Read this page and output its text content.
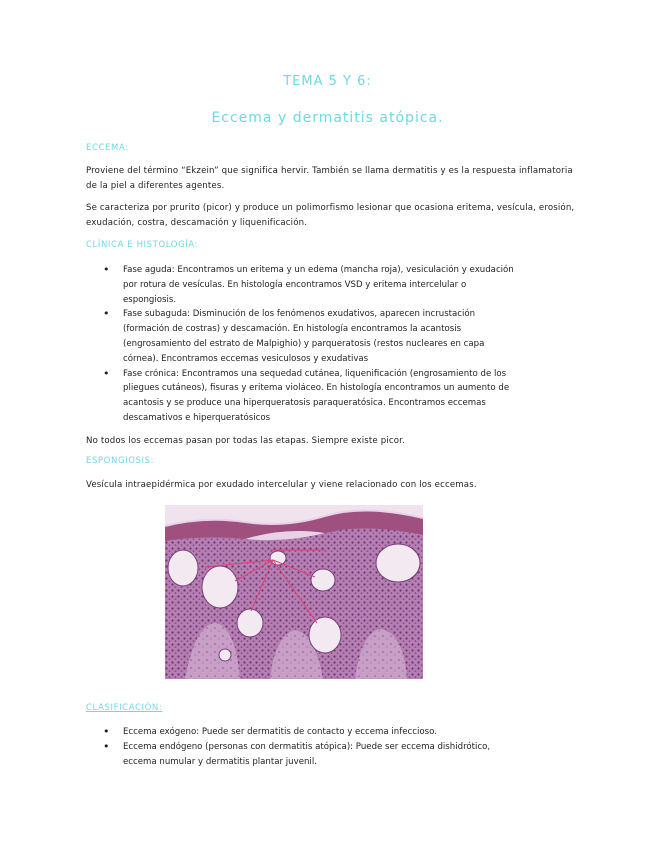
TEMA 5 Y 6:
Eccema y dermatitis atópica.
ECCEMA:
Proviene del término “Ekzein” que significa hervir. También se llama dermatitis y es la respuesta inflamatoria de la piel a diferentes agentes.
Se caracteriza por prurito (picor) y produce un polimorfismo lesionar que ocasiona eritema, vesícula, erosión, exudación, costra, descamación y liquenificación.
CLÍNICA E HISTOLOGÍA:
• Fase aguda: Encontramos un eritema y un edema (mancha roja), vesiculación y exudación por rotura de vesículas. En histología encontramos VSD y eritema intercelular o espongiosis.
• Fase subaguda: Disminución de los fenómenos exudativos, aparecen incrustación (formación de costras) y descamación. En histología encontramos la acantosis (engrosamiento del estrato de Malpighio) y parqueratosis (restos nucleares en capa córnea). Encontramos eccemas vesiculosos y exudativas
• Fase crónica: Encontramos una sequedad cutánea, liquenificación (engrosamiento de los pliegues cutáneos), fisuras y eritema violáceo. En histología encontramos un aumento de acantosis y se produce una hiperqueratosis paraqueratósica. Encontramos eccemas descamativos e hiperqueratósicos
No todos los eccemas pasan por todas las etapas. Siempre existe picor.
ESPONGIOSIS:
Vesícula intraepidérmica por exudado intercelular y viene relacionado con los eccemas.
CLASIFICACIÓN:
• Eccema exógeno: Puede ser dermatitis de contacto y eccema infeccioso.
• Eccema endógeno (personas con dermatitis atópica): Puede ser eccema dishidrótico, eccema numular y dermatitis plantar juvenil.
